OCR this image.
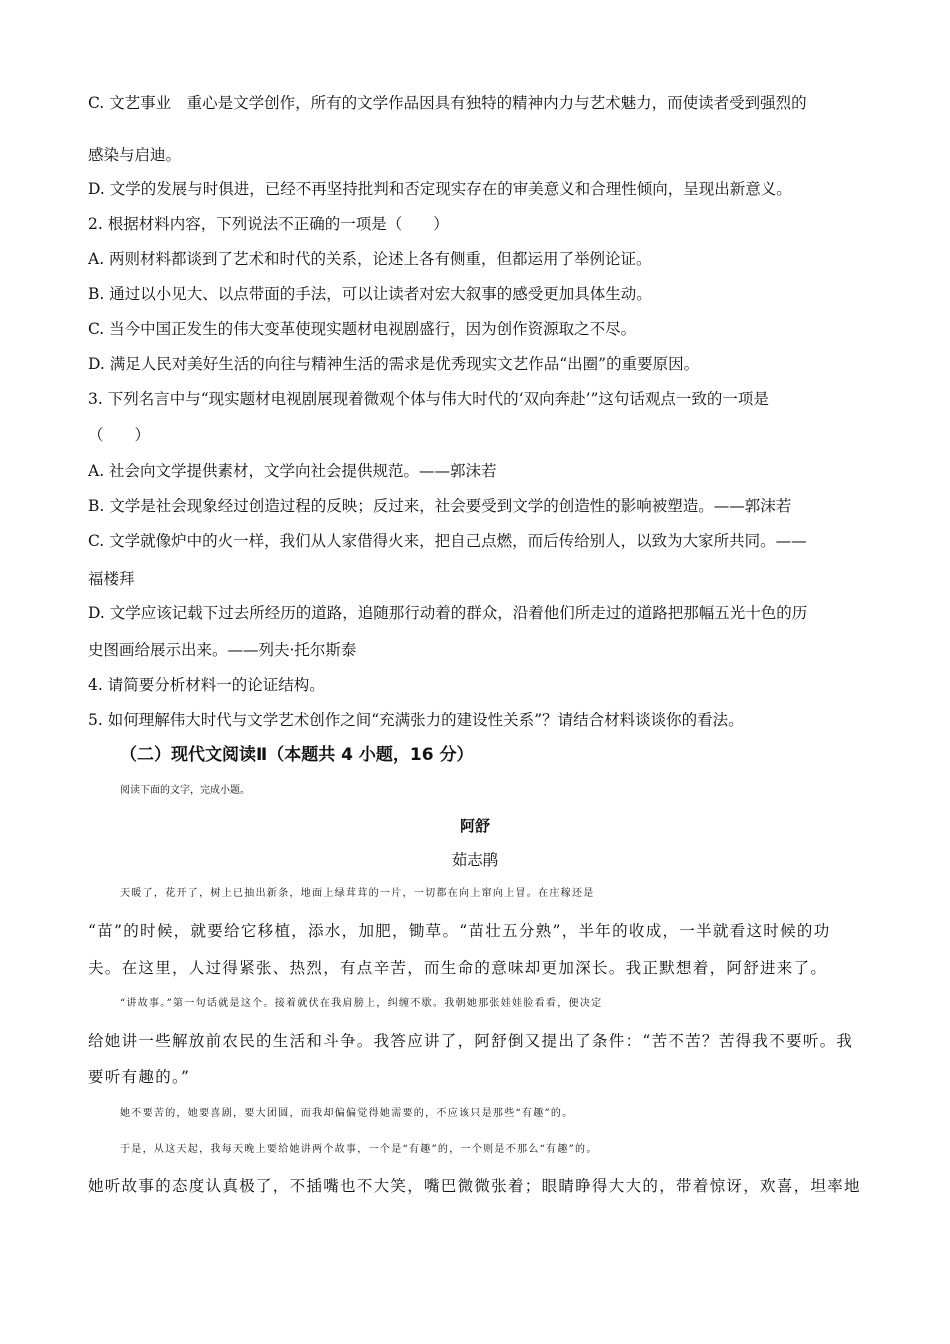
C. 文艺事业　重心是文学创作，所有的文学作品因具有独特的精神内力与艺术魅力，而使读者受到强烈的
感染与启迪。
D. 文学的发展与时俱进，已经不再坚持批判和否定现实存在的审美意义和合理性倾向，呈现出新意义。
2. 根据材料内容，下列说法不正确的一项是（　　）
A. 两则材料都谈到了艺术和时代的关系，论述上各有侧重，但都运用了举例论证。
B. 通过以小见大、以点带面的手法，可以让读者对宏大叙事的感受更加具体生动。
C. 当今中国正发生的伟大变革使现实题材电视剧盛行，因为创作资源取之不尽。
D. 满足人民对美好生活的向往与精神生活的需求是优秀现实文艺作品“出圈”的重要原因。
3. 下列名言中与“现实题材电视剧展现着微观个体与伟大时代的‘双向奔赴’”这句话观点一致的一项是
（　　）
A. 社会向文学提供素材，文学向社会提供规范。——郭沫若
B. 文学是社会现象经过创造过程的反映；反过来，社会要受到文学的创造性的影响被塑造。——郭沫若
C. 文学就像炉中的火一样，我们从人家借得火来，把自己点燃，而后传给别人，以致为大家所共同。——
福楼拜
D. 文学应该记载下过去所经历的道路，追随那行动着的群众，沿着他们所走过的道路把那幅五光十色的历
史图画给展示出来。——列夫·托尔斯泰
4. 请简要分析材料一的论证结构。
5. 如何理解伟大时代与文学艺术创作之间“充满张力的建设性关系”？请结合材料谈谈你的看法。
（二）现代文阅读Ⅱ（本题共 4 小题，16 分）
阅读下面的文字，完成小题。
阿舒
茹志鹃
天暖了，花开了，树上已抽出新条，地面上绿茸茸的一片，一切都在向上窜向上冒。在庄稼还是
“苗”的时候，就要给它移植，添水，加肥，锄草。“苗壮五分熟”，半年的收成，一半就看这时候的功
夫。在这里，人过得紧张、热烈，有点辛苦，而生命的意味却更加深长。我正默想着，阿舒进来了。
“讲故事。”第一句话就是这个。接着就伏在我肩膀上，纠缠不歇。我朝她那张娃娃脸看看，便决定
给她讲一些解放前农民的生活和斗争。我答应讲了，阿舒倒又提出了条件：“苦不苦？苦得我不要听。我
要听有趣的。”
她不要苦的，她要喜剧，要大团圆，而我却偏偏觉得她需要的，不应该只是那些“有趣”的。
于是，从这天起，我每天晚上要给她讲两个故事，一个是“有趣”的，一个则是不那么“有趣”的。
她听故事的态度认真极了，不插嘴也不大笑，嘴巴微微张着；眼睛睁得大大的，带着惊讶，欢喜，坦率地
